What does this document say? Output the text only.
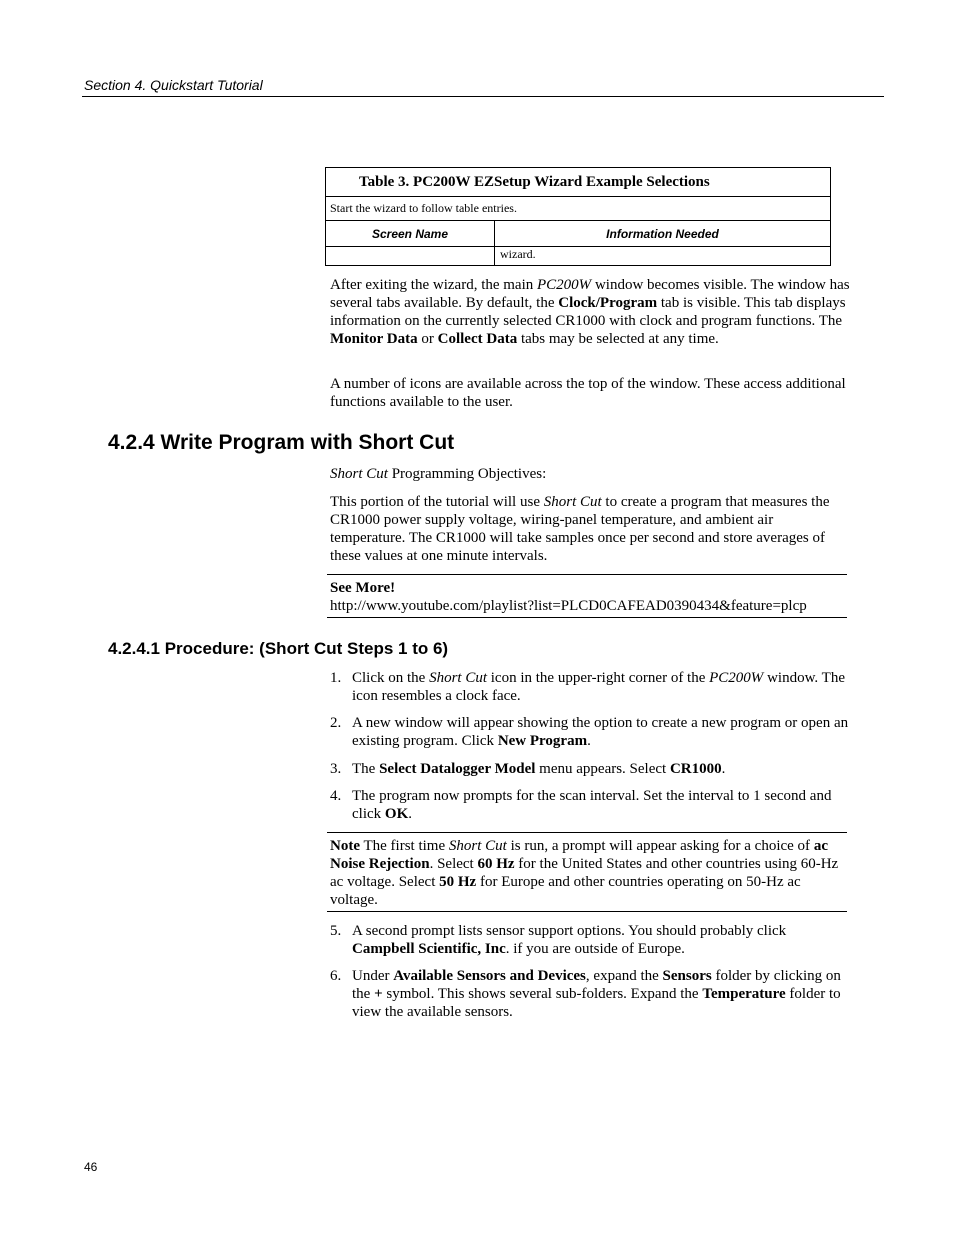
Section 4. Quickstart Tutorial
Table 3. PC200W EZSetup Wizard Example Selections	
Start the wizard to follow table entries.	
Screen Name	Information Needed
	wizard.

After exiting the wizard, the main PC200W window becomes visible. The window has several tabs available. By default, the Clock/Program tab is visible. This tab displays information on the currently selected CR1000 with clock and program functions. The Monitor Data or Collect Data tabs may be selected at any time.

A number of icons are available across the top of the window. These access additional functions available to the user.

4.2.4 Write Program with Short Cut

Short Cut Programming Objectives:

This portion of the tutorial will use Short Cut to create a program that measures the CR1000 power supply voltage, wiring-panel temperature, and ambient air temperature. The CR1000 will take samples once per second and store averages of these values at one minute intervals.

See More!
http://www.youtube.com/playlist?list=PLCD0CAFEAD0390434&feature=plcp
4.2.4.1 Procedure: (Short Cut Steps 1 to 6)
1. Click on the Short Cut icon in the upper-right corner of the PC200W window. The icon resembles a clock face.
2. A new window will appear showing the option to create a new program or open an existing program. Click New Program.
3. The Select Datalogger Model menu appears. Select CR1000.
4. The program now prompts for the scan interval. Set the interval to 1 second and click OK.
Note The first time Short Cut is run, a prompt will appear asking for a choice of ac Noise Rejection. Select 60 Hz for the United States and other countries using 60-Hz ac voltage. Select 50 Hz for Europe and other countries operating on 50-Hz ac voltage.
5. A second prompt lists sensor support options. You should probably click Campbell Scientific, Inc. if you are outside of Europe.
6. Under Available Sensors and Devices, expand the Sensors folder by clicking on the + symbol. This shows several sub-folders. Expand the Temperature folder to view the available sensors.
46
